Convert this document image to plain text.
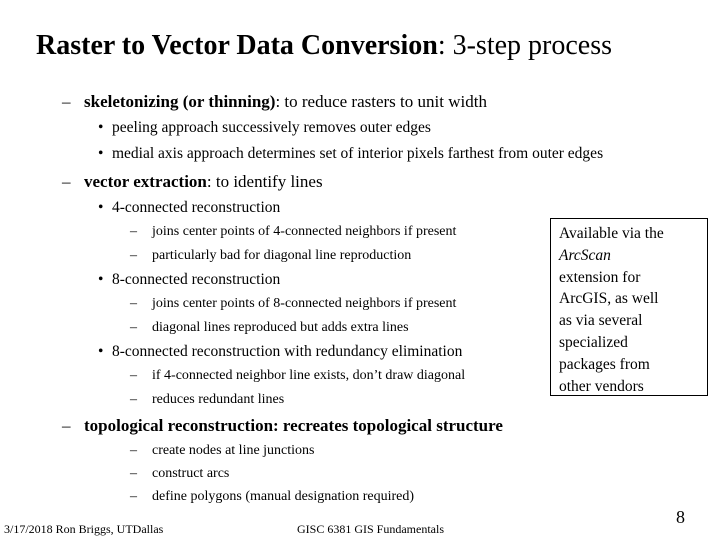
Raster to Vector Data Conversion: 3-step process
– skeletonizing (or thinning): to reduce rasters to unit width
• peeling approach successively removes outer edges
• medial axis approach determines set of interior pixels farthest from outer edges
– vector extraction: to identify lines
• 4-connected reconstruction
– joins center points of 4-connected neighbors if present
– particularly bad for diagonal line reproduction
• 8-connected reconstruction
– joins center points of 8-connected neighbors if present
– diagonal lines reproduced but adds extra lines
• 8-connected reconstruction with redundancy elimination
– if 4-connected neighbor line exists, don’t draw diagonal
– reduces redundant lines
– topological reconstruction: recreates topological structure
– create nodes at line junctions
– construct arcs
– define polygons (manual designation required)
Available via the
ArcScan
extension for
ArcGIS, as well
as via several
specialized
packages from
other vendors
3/17/2018 Ron Briggs, UTDallas	GISC 6381 GIS Fundamentals
8
